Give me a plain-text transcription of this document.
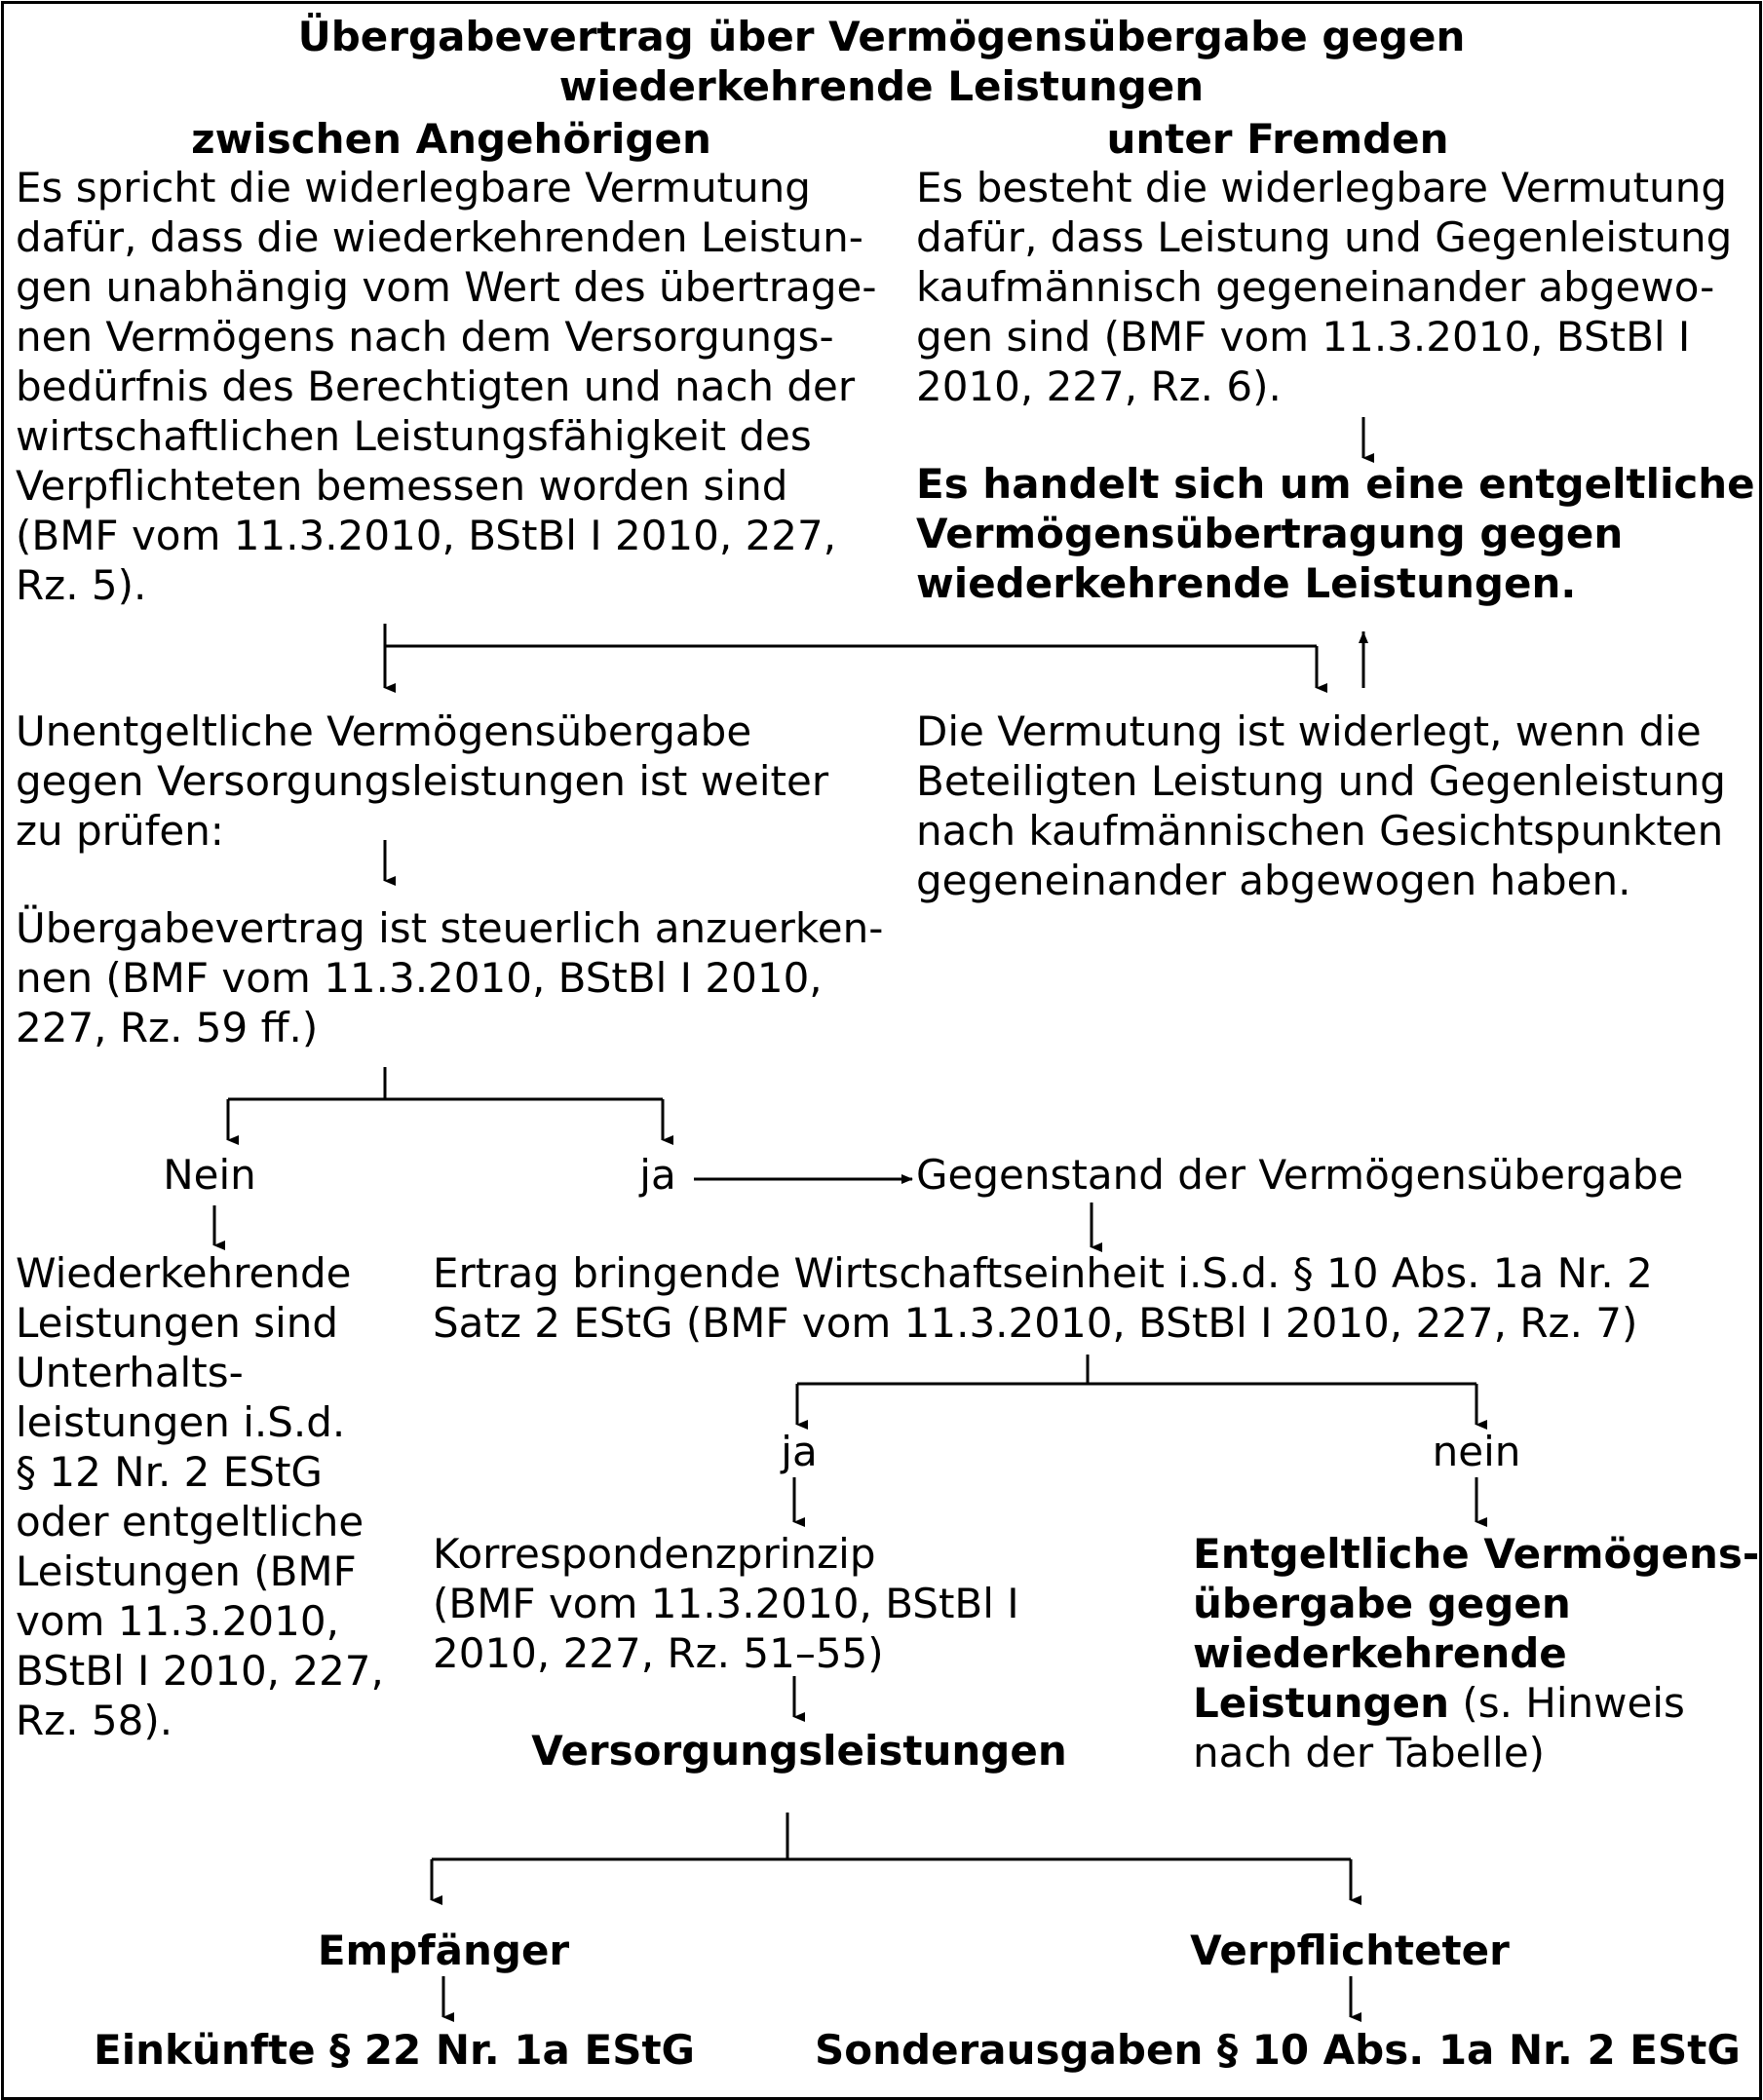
Übergabevertrag über Vermögensübergabe gegen
wiederkehrende Leistungen
zwischen Angehörigen	unter Fremden
Es spricht die widerlegbare Vermutung
dafür, dass die wiederkehrenden Leistun-
gen unabhängig vom Wert des übertrage-
nen Vermögens nach dem Versorgungs-
bedürfnis des Berechtigten und nach der
wirtschaftlichen Leistungsfähigkeit des
Verpflichteten bemessen worden sind
(BMF vom 11.3.2010, BStBl I 2010, 227,
Rz. 5).
Es besteht die widerlegbare Vermutung
dafür, dass Leistung und Gegenleistung
kaufmännisch gegeneinander abgewo-
gen sind (BMF vom 11.3.2010, BStBl I
2010, 227, Rz. 6).
Es handelt sich um eine entgeltliche
Vermögensübertragung gegen
wiederkehrende Leistungen.
Unentgeltliche Vermögensübergabe
gegen Versorgungsleistungen ist weiter
zu prüfen:
Die Vermutung ist widerlegt, wenn die
Beteiligten Leistung und Gegenleistung
nach kaufmännischen Gesichtspunkten
gegeneinander abgewogen haben.
Übergabevertrag ist steuerlich anzuerken-
nen (BMF vom 11.3.2010, BStBl I 2010,
227, Rz. 59 ff.)
Nein	ja	Gegenstand der Vermögensübergabe
Wiederkehrende
Leistungen sind
Unterhalts-
leistungen i.S.d.
§ 12 Nr. 2 EStG
oder entgeltliche
Leistungen (BMF
vom 11.3.2010,
BStBl I 2010, 227,
Rz. 58).
Ertrag bringende Wirtschaftseinheit i.S.d. § 10 Abs. 1a Nr. 2
Satz 2 EStG (BMF vom 11.3.2010, BStBl I 2010, 227, Rz. 7)
ja	nein
Korrespondenzprinzip
(BMF vom 11.3.2010, BStBl I
2010, 227, Rz. 51–55)
Entgeltliche Vermögens-
übergabe gegen
wiederkehrende
Leistungen (s. Hinweis
nach der Tabelle)
Versorgungsleistungen
Empfänger	Verpflichteter
Einkünfte § 22 Nr. 1a EStG	Sonderausgaben § 10 Abs. 1a Nr. 2 EStG
